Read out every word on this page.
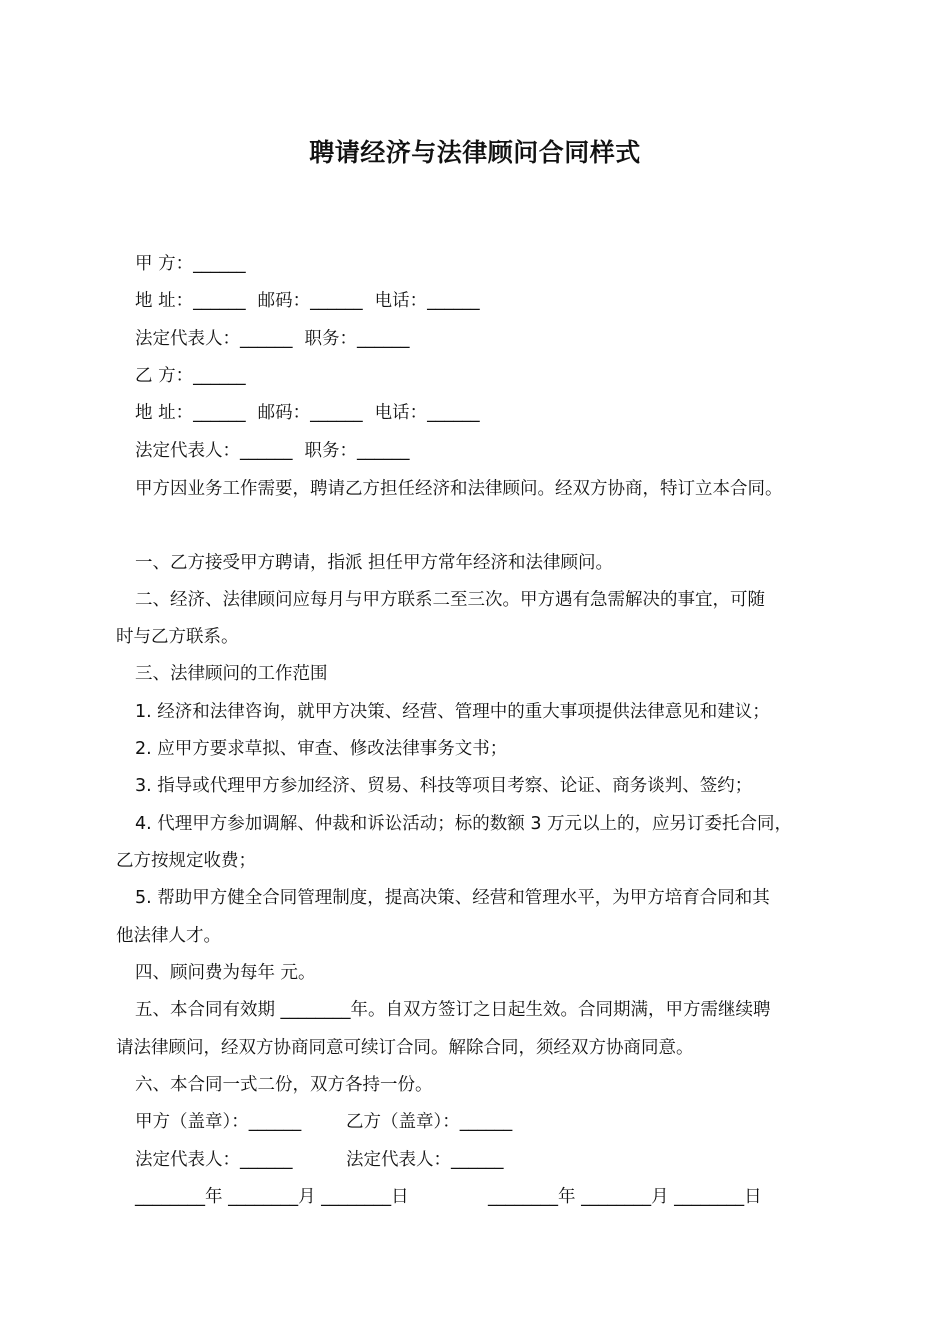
聘请经济与法律顾问合同样式
甲 方：______
地 址：______ 邮码：______ 电话：______
法定代表人：______ 职务：______
乙 方：______
地 址：______ 邮码：______ 电话：______
法定代表人：______ 职务：______
甲方因业务工作需要，聘请乙方担任经济和法律顾问。经双方协商，特订立本合同。
一、乙方接受甲方聘请，指派 担任甲方常年经济和法律顾问。
二、经济、法律顾问应每月与甲方联系二至三次。甲方遇有急需解决的事宜，可随
时与乙方联系。
三、法律顾问的工作范围
1. 经济和法律咨询，就甲方决策、经营、管理中的重大事项提供法律意见和建议；
2. 应甲方要求草拟、审查、修改法律事务文书；
3. 指导或代理甲方参加经济、贸易、科技等项目考察、论证、商务谈判、签约；
4. 代理甲方参加调解、仲裁和诉讼活动；标的数额 3 万元以上的，应另订委托合同，
乙方按规定收费；
5. 帮助甲方健全合同管理制度，提高决策、经营和管理水平，为甲方培育合同和其
他法律人才。
四、顾问费为每年 元。
五、本合同有效期 ________年。自双方签订之日起生效。合同期满，甲方需继续聘
请法律顾问，经双方协商同意可续订合同。解除合同，须经双方协商同意。
六、本合同一式二份，双方各持一份。
甲方（盖章）：______	乙方（盖章）：______
法定代表人：______	法定代表人：______
________年 ________月 ________日	________年 ________月 ________日
